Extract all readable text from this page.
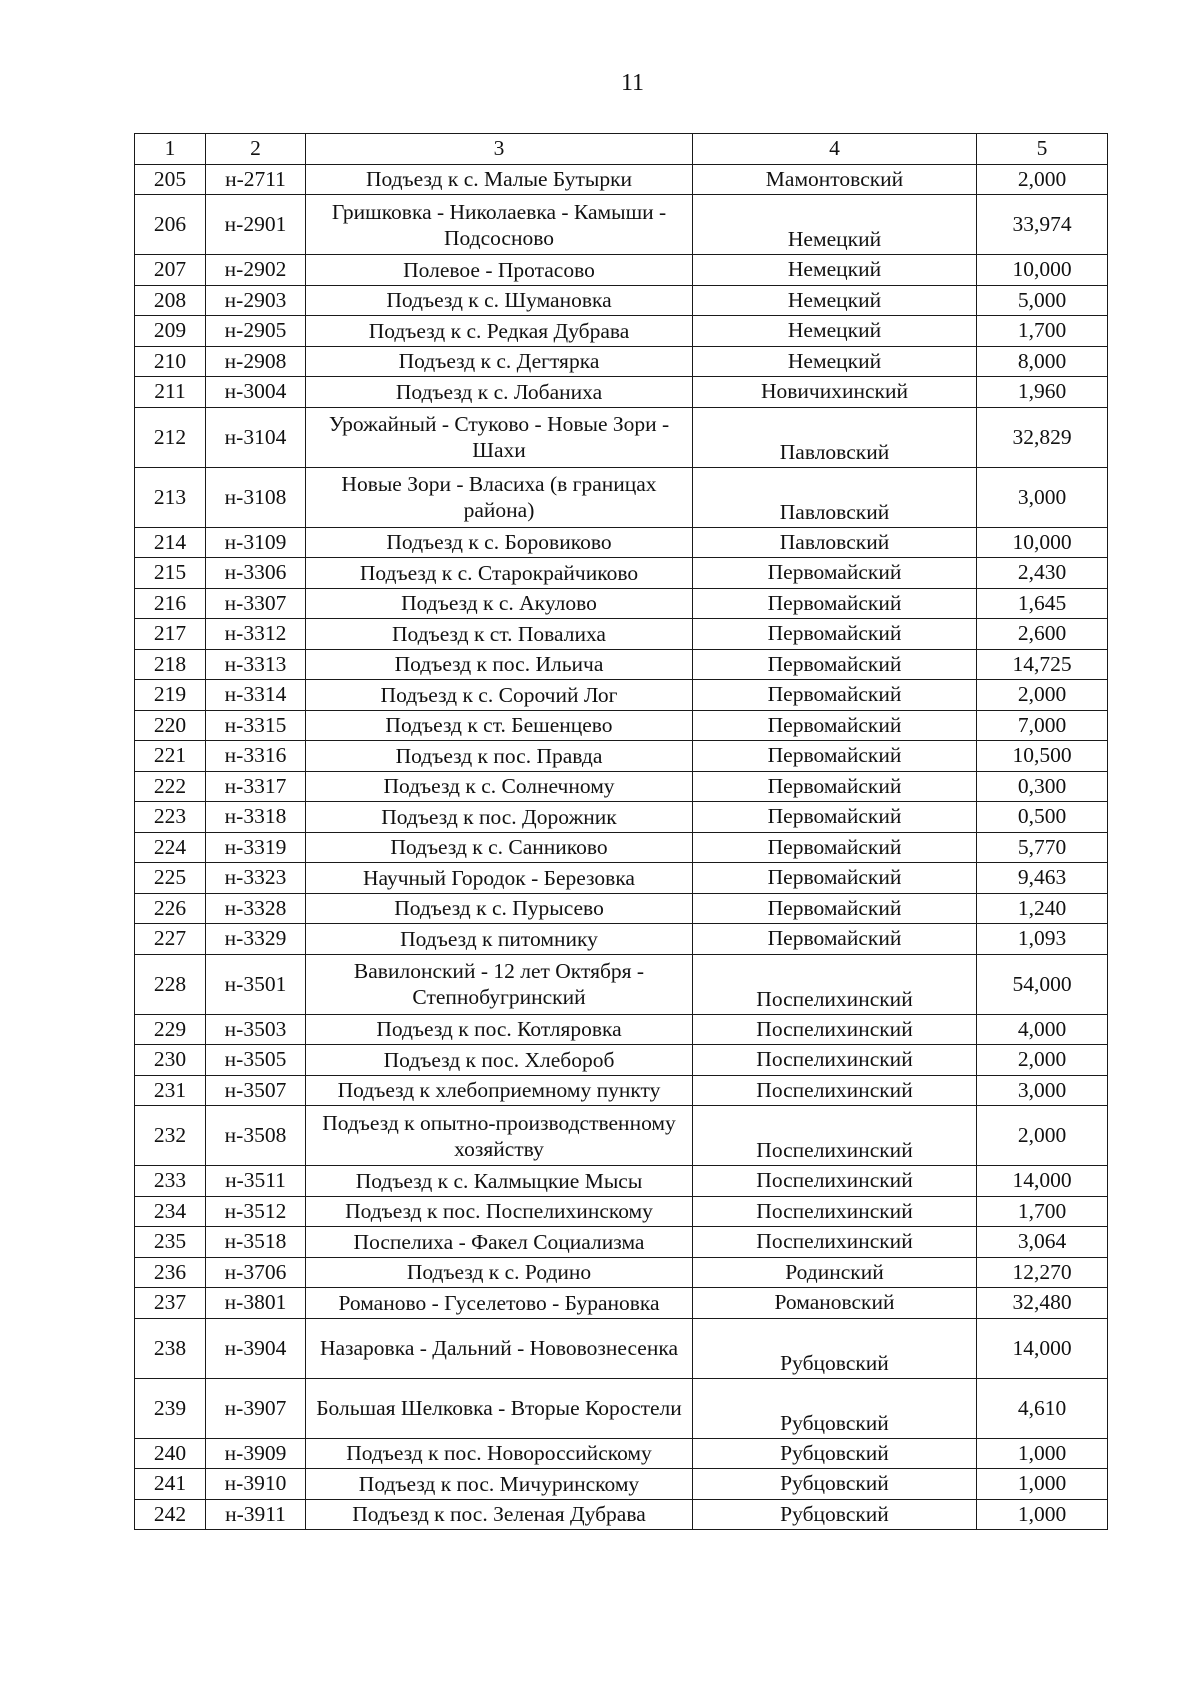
11
1	2	3	4	5
205	н-2711	Подъезд к с. Малые Бутырки	Мамонтовский	2,000
206	н-2901	Гришковка - Николаевка - Камыши - Подсосново	Немецкий	33,974
207	н-2902	Полевое - Протасово	Немецкий	10,000
208	н-2903	Подъезд к с. Шумановка	Немецкий	5,000
209	н-2905	Подъезд к с. Редкая Дубрава	Немецкий	1,700
210	н-2908	Подъезд к с. Дегтярка	Немецкий	8,000
211	н-3004	Подъезд к с. Лобаниха	Новичихинский	1,960
212	н-3104	Урожайный - Стуково - Новые Зори - Шахи	Павловский	32,829
213	н-3108	Новые Зори - Власиха (в границах района)	Павловский	3,000
214	н-3109	Подъезд к с. Боровиково	Павловский	10,000
215	н-3306	Подъезд к с. Старокрайчиково	Первомайский	2,430
216	н-3307	Подъезд к с. Акулово	Первомайский	1,645
217	н-3312	Подъезд к ст. Повалиха	Первомайский	2,600
218	н-3313	Подъезд к пос. Ильича	Первомайский	14,725
219	н-3314	Подъезд к с. Сорочий Лог	Первомайский	2,000
220	н-3315	Подъезд к ст. Бешенцево	Первомайский	7,000
221	н-3316	Подъезд к пос. Правда	Первомайский	10,500
222	н-3317	Подъезд к с. Солнечному	Первомайский	0,300
223	н-3318	Подъезд к пос. Дорожник	Первомайский	0,500
224	н-3319	Подъезд к с. Санниково	Первомайский	5,770
225	н-3323	Научный Городок - Березовка	Первомайский	9,463
226	н-3328	Подъезд к с. Пурысево	Первомайский	1,240
227	н-3329	Подъезд к питомнику	Первомайский	1,093
228	н-3501	Вавилонский - 12 лет Октября - Степнобугринский	Поспелихинский	54,000
229	н-3503	Подъезд к пос. Котляровка	Поспелихинский	4,000
230	н-3505	Подъезд к пос. Хлебороб	Поспелихинский	2,000
231	н-3507	Подъезд к хлебоприемному пункту	Поспелихинский	3,000
232	н-3508	Подъезд к опытно-производственному хозяйству	Поспелихинский	2,000
233	н-3511	Подъезд к с. Калмыцкие Мысы	Поспелихинский	14,000
234	н-3512	Подъезд к пос. Поспелихинскому	Поспелихинский	1,700
235	н-3518	Поспелиха - Факел Социализма	Поспелихинский	3,064
236	н-3706	Подъезд к с. Родино	Родинский	12,270
237	н-3801	Романово - Гуселетово - Бурановка	Романовский	32,480
238	н-3904	Назаровка - Дальний - Нововознесенка	Рубцовский	14,000
239	н-3907	Большая Шелковка - Вторые Коростели	Рубцовский	4,610
240	н-3909	Подъезд к пос. Новороссийскому	Рубцовский	1,000
241	н-3910	Подъезд к пос. Мичуринскому	Рубцовский	1,000
242	н-3911	Подъезд к пос. Зеленая Дубрава	Рубцовский	1,000
